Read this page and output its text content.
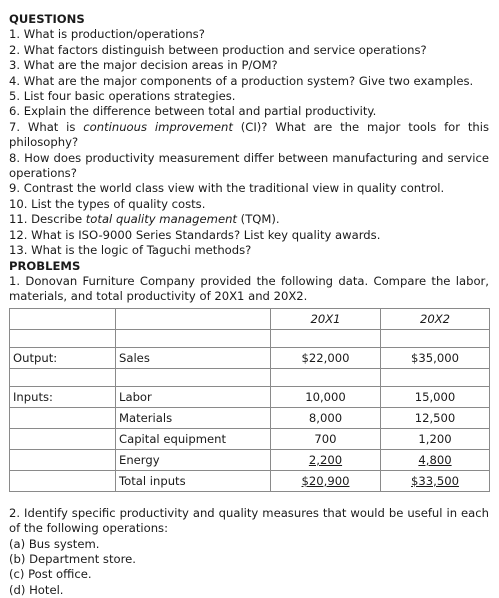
QUESTIONS
1. What is production/operations?
2. What factors distinguish between production and service operations?
3. What are the major decision areas in P/OM?
4. What are the major components of a production system? Give two examples.
5. List four basic operations strategies.
6. Explain the difference between total and partial productivity.
7. What is continuous improvement (CI)? What are the major tools for this philosophy?
8. How does productivity measurement differ between manufacturing and service operations?
9. Contrast the world class view with the traditional view in quality control.
10. List the types of quality costs.
11. Describe total quality management (TQM).
12. What is ISO-9000 Series Standards? List key quality awards.
13. What is the logic of Taguchi methods?
PROBLEMS
1. Donovan Furniture Company provided the following data. Compare the labor, materials, and total productivity of 20X1 and 20X2.
		20X1	20X2

Output:	Sales	$22,000	$35,000

Inputs:	Labor	10,000	15,000
	Materials	8,000	12,500
	Capital equipment	700	1,200
	Energy	2,200	4,800
	Total inputs	$20,900	$33,500
2. Identify specific productivity and quality measures that would be useful in each of the following operations:
(a) Bus system.
(b) Department store.
(c) Post office.
(d) Hotel.
